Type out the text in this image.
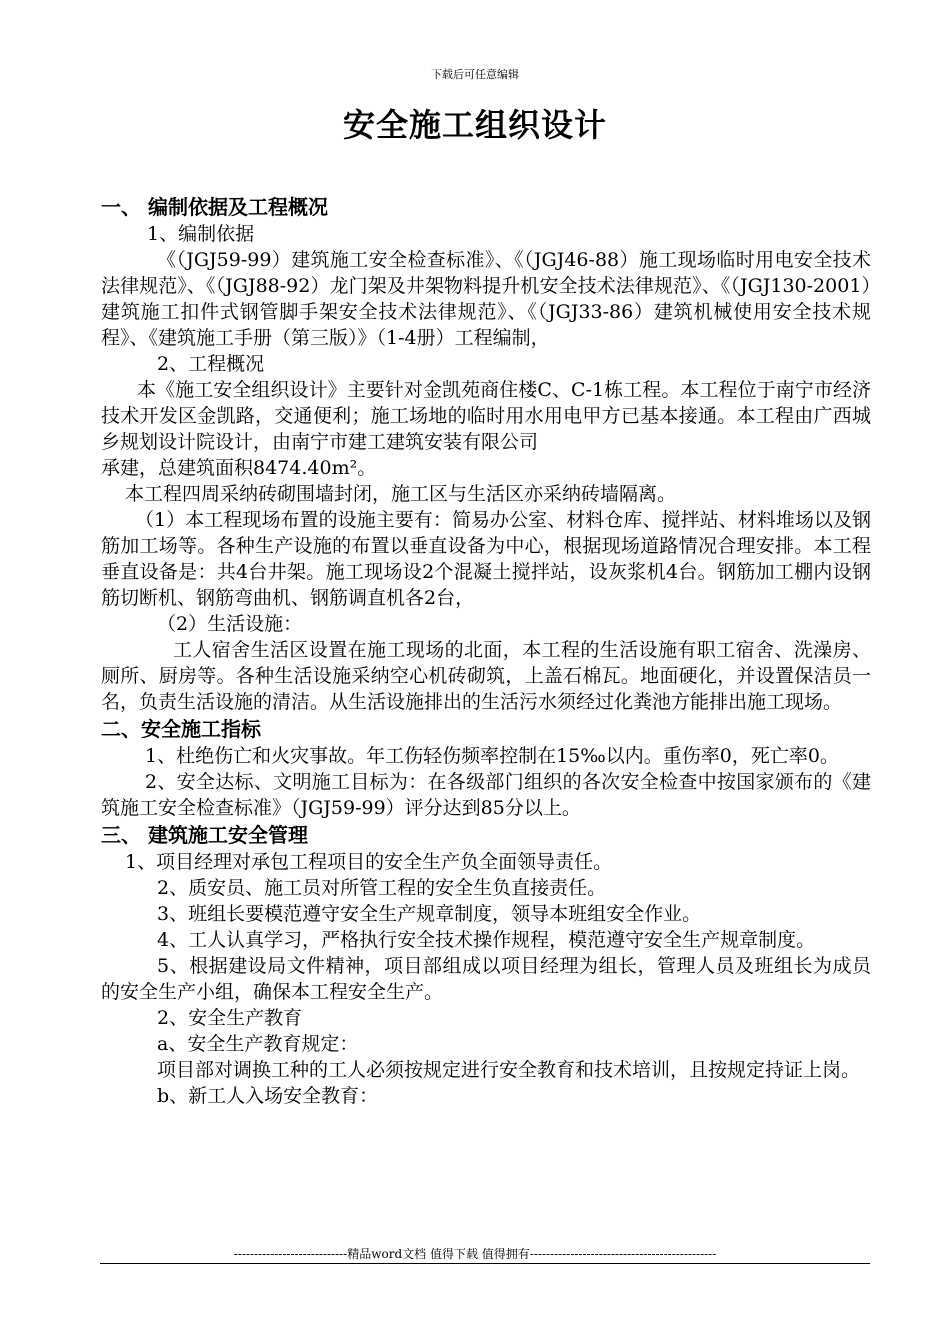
下载后可任意编辑
安全施工组织设计

一、 编制依据及工程概况

1、编制依据

《（JGJ59-99）建筑施工安全检查标准》、《（JGJ46-88）施工现场临时用电安全技术法律规范》、《（JGJ88-92）龙门架及井架物料提升机安全技术法律规范》、《（JGJ130-2001）建筑施工扣件式钢管脚手架安全技术法律规范》、《（JGJ33-86）建筑机械使用安全技术规程》、《建筑施工手册（第三版）》（1-4册）工程编制，

2、工程概况

本《施工安全组织设计》主要针对金凯苑商住楼C、C-1栋工程。本工程位于南宁市经济技术开发区金凯路，交通便利；施工场地的临时用水用电甲方已基本接通。本工程由广西城乡规划设计院设计，由南宁市建工建筑安装有限公司

承建，总建筑面积8474.40m²。

本工程四周采纳砖砌围墙封闭，施工区与生活区亦采纳砖墙隔离。

（1）本工程现场布置的设施主要有：简易办公室、材料仓库、搅拌站、材料堆场以及钢筋加工场等。各种生产设施的布置以垂直设备为中心，根据现场道路情况合理安排。本工程垂直设备是：共4台井架。施工现场设2个混凝土搅拌站，设灰浆机4台。钢筋加工棚内设钢筋切断机、钢筋弯曲机、钢筋调直机各2台，

（2）生活设施：

工人宿舍生活区设置在施工现场的北面，本工程的生活设施有职工宿舍、洗澡房、厕所、厨房等。各种生活设施采纳空心机砖砌筑，上盖石棉瓦。地面硬化，并设置保洁员一名，负责生活设施的清洁。从生活设施排出的生活污水须经过化粪池方能排出施工现场。

二、安全施工指标

1、杜绝伤亡和火灾事故。年工伤轻伤频率控制在15‰以内。重伤率0，死亡率0。

2、安全达标、文明施工目标为：在各级部门组织的各次安全检查中按国家颁布的《建筑施工安全检查标准》（JGJ59-99）评分达到85分以上。

三、 建筑施工安全管理

1、项目经理对承包工程项目的安全生产负全面领导责任。

2、质安员、施工员对所管工程的安全生负直接责任。

3、班组长要模范遵守安全生产规章制度，领导本班组安全作业。

4、工人认真学习，严格执行安全技术操作规程，模范遵守安全生产规章制度。

5、根据建设局文件精神，项目部组成以项目经理为组长，管理人员及班组长为成员的安全生产小组，确保本工程安全生产。

2、安全生产教育

a、安全生产教育规定：

项目部对调换工种的工人必须按规定进行安全教育和技术培训，且按规定持证上岗。

b、新工人入场安全教育：

----------------------------精品word文档 值得下载 值得拥有----------------------------------------------
